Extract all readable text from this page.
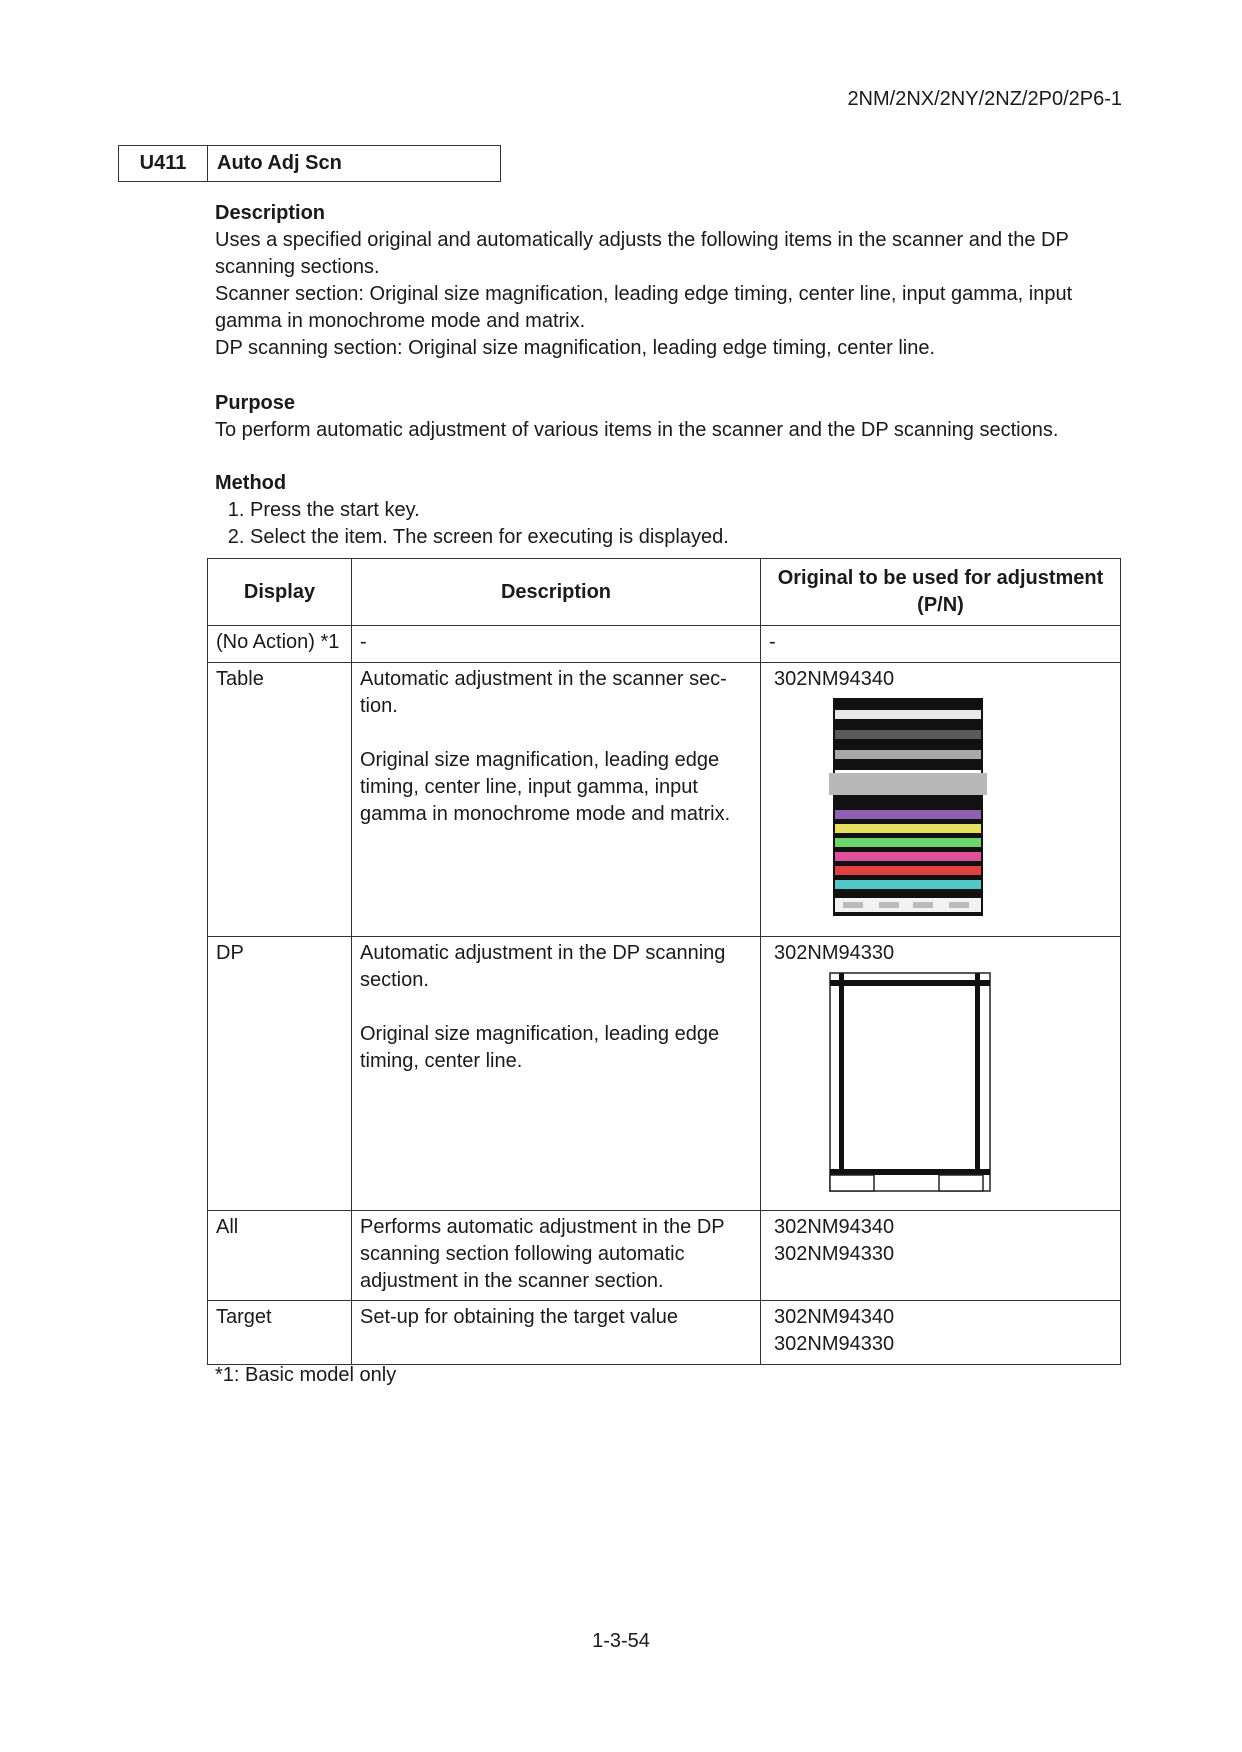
2NM/2NX/2NY/2NZ/2P0/2P6-1
U411	Auto Adj Scn
Description

Uses a specified original and automatically adjusts the following items in the scanner and the DP scanning sections.

Scanner section: Original size magnification, leading edge timing, center line, input gamma, input gamma in monochrome mode and matrix.

DP scanning section: Original size magnification, leading edge timing, center line.

Purpose

To perform automatic adjustment of various items in the scanner and the DP scanning sections.

Method
1. Press the start key.
2. Select the item. The screen for executing is displayed.
Display	Description	Original to be used for adjustment (P/N)
(No Action) *1	-	-

Table	Automatic adjustment in the scanner sec-tion.
Original size magnification, leading edge timing, center line, input gamma, input gamma in monochrome mode and matrix.	302NM94340

DP	Automatic adjustment in the DP scanning section.
Original size magnification, leading edge timing, center line.	302NM94330

All	Performs automatic adjustment in the DP scanning section following automatic adjustment in the scanner section.	302NM94340
302NM94330

Target	Set-up for obtaining the target value	302NM94340
302NM94330
*1: Basic model only
1-3-54
